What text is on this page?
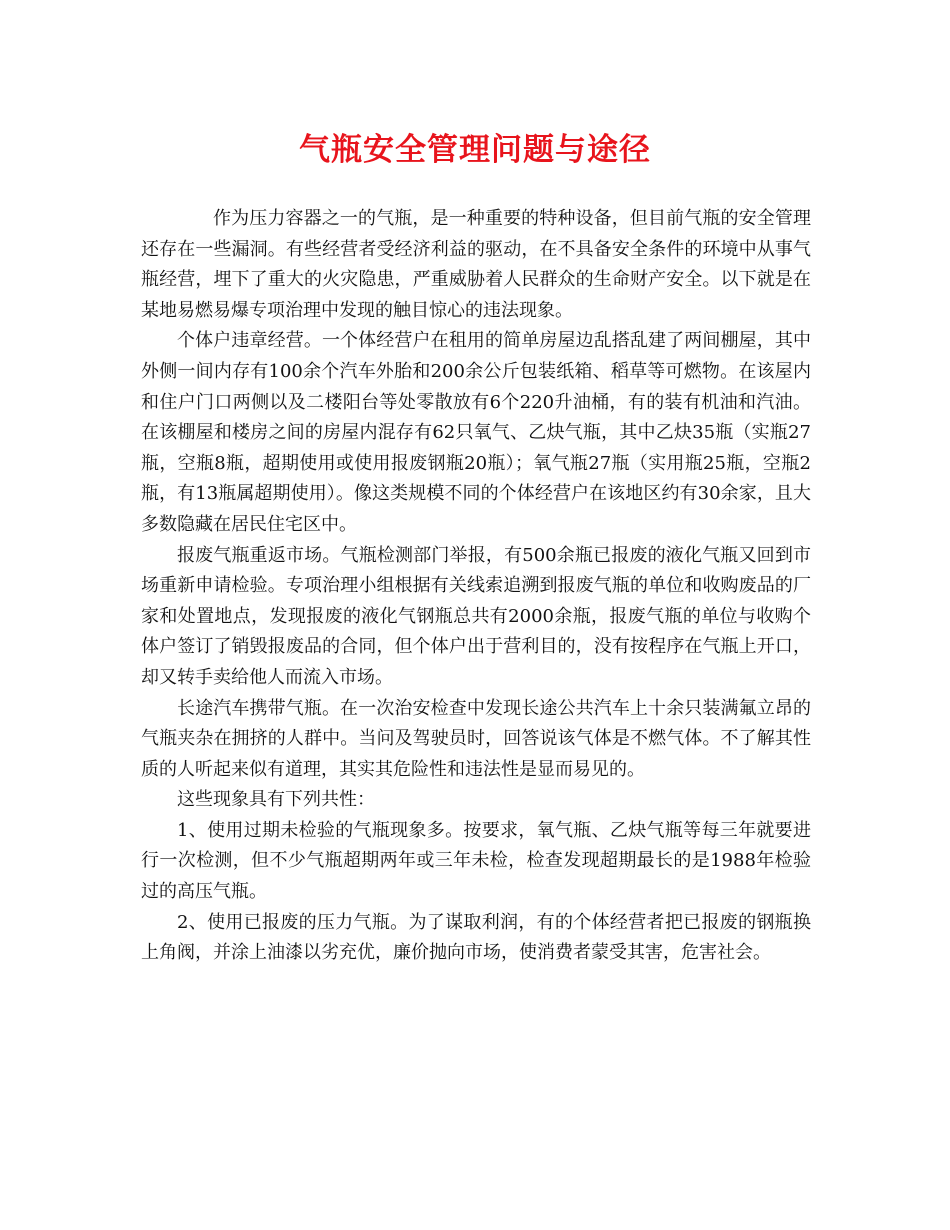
气瓶安全管理问题与途径

作为压力容器之一的气瓶，是一种重要的特种设备，但目前气瓶的安全管理还存在一些漏洞。有些经营者受经济利益的驱动，在不具备安全条件的环境中从事气瓶经营，埋下了重大的火灾隐患，严重威胁着人民群众的生命财产安全。以下就是在某地易燃易爆专项治理中发现的触目惊心的违法现象。

个体户违章经营。一个体经营户在租用的简单房屋边乱搭乱建了两间棚屋，其中外侧一间内存有100余个汽车外胎和200余公斤包装纸箱、稻草等可燃物。在该屋内和住户门口两侧以及二楼阳台等处零散放有6个220升油桶，有的装有机油和汽油。在该棚屋和楼房之间的房屋内混存有62只氧气、乙炔气瓶，其中乙炔35瓶（实瓶27瓶，空瓶8瓶，超期使用或使用报废钢瓶20瓶）；氧气瓶27瓶（实用瓶25瓶，空瓶2瓶，有13瓶属超期使用）。像这类规模不同的个体经营户在该地区约有30余家，且大多数隐藏在居民住宅区中。

报废气瓶重返市场。气瓶检测部门举报，有500余瓶已报废的液化气瓶又回到市场重新申请检验。专项治理小组根据有关线索追溯到报废气瓶的单位和收购废品的厂家和处置地点，发现报废的液化气钢瓶总共有2000余瓶，报废气瓶的单位与收购个体户签订了销毁报废品的合同，但个体户出于营利目的，没有按程序在气瓶上开口，却又转手卖给他人而流入市场。

长途汽车携带气瓶。在一次治安检查中发现长途公共汽车上十余只装满氟立昂的气瓶夹杂在拥挤的人群中。当问及驾驶员时，回答说该气体是不燃气体。不了解其性质的人听起来似有道理，其实其危险性和违法性是显而易见的。

这些现象具有下列共性：

1、使用过期未检验的气瓶现象多。按要求，氧气瓶、乙炔气瓶等每三年就要进行一次检测，但不少气瓶超期两年或三年未检，检查发现超期最长的是1988年检验过的高压气瓶。

2、使用已报废的压力气瓶。为了谋取利润，有的个体经营者把已报废的钢瓶换上角阀，并涂上油漆以劣充优，廉价抛向市场，使消费者蒙受其害，危害社会。
